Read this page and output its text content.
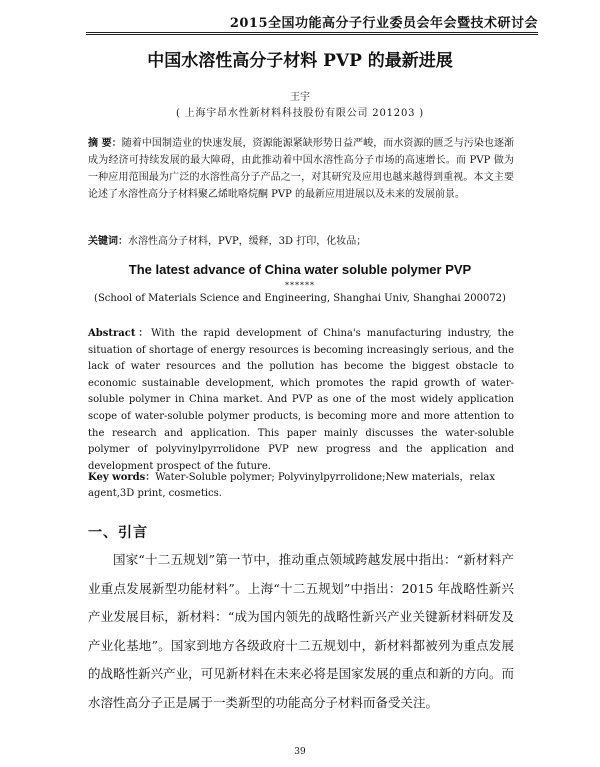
2015全国功能高分子行业委员会年会暨技术研讨会
中国水溶性高分子材料 PVP 的最新进展
王宇
( 上海宇昂水性新材料科技股份有限公司 201203 )
摘 要：随着中国制造业的快速发展，资源能源紧缺形势日益严峻，而水资源的匮乏与污染也逐渐成为经济可持续发展的最大障碍，由此推动着中国水溶性高分子市场的高速增长。而 PVP 做为一种应用范围最为广泛的水溶性高分子产品之一，对其研究及应用也越来越得到重视。本文主要论述了水溶性高分子材料聚乙烯吡咯烷酮 PVP 的最新应用进展以及未来的发展前景。
关键词：水溶性高分子材料，PVP，缓释，3D 打印，化妆品；
The latest advance of China water soluble polymer PVP
******
(School of Materials Science and Engineering, Shanghai Univ, Shanghai 200072)
Abstract：With the rapid development of China's manufacturing industry, the situation of shortage of energy resources is becoming increasingly serious, and the lack of water resources and the pollution has become the biggest obstacle to economic sustainable development, which promotes the rapid growth of water-soluble polymer in China market. And PVP as one of the most widely application scope of water-soluble polymer products, is becoming more and more attention to the research and application. This paper mainly discusses the water-soluble polymer of polyvinylpyrrolidone PVP new progress and the application and development prospect of the future.
Key words：Water-Soluble polymer; Polyvinylpyrrolidone;New materials，relax agent,3D print, cosmetics.
一、引言
国家“十二五规划”第一节中，推动重点领域跨越发展中指出：“新材料产业重点发展新型功能材料”。上海“十二五规划”中指出：2015 年战略性新兴产业发展目标，新材料：“成为国内领先的战略性新兴产业关键新材料研发及产业化基地”。国家到地方各级政府十二五规划中，新材料都被列为重点发展的战略性新兴产业，可见新材料在未来必将是国家发展的重点和新的方向。而水溶性高分子正是属于一类新型的功能高分子材料而备受关注。
39
